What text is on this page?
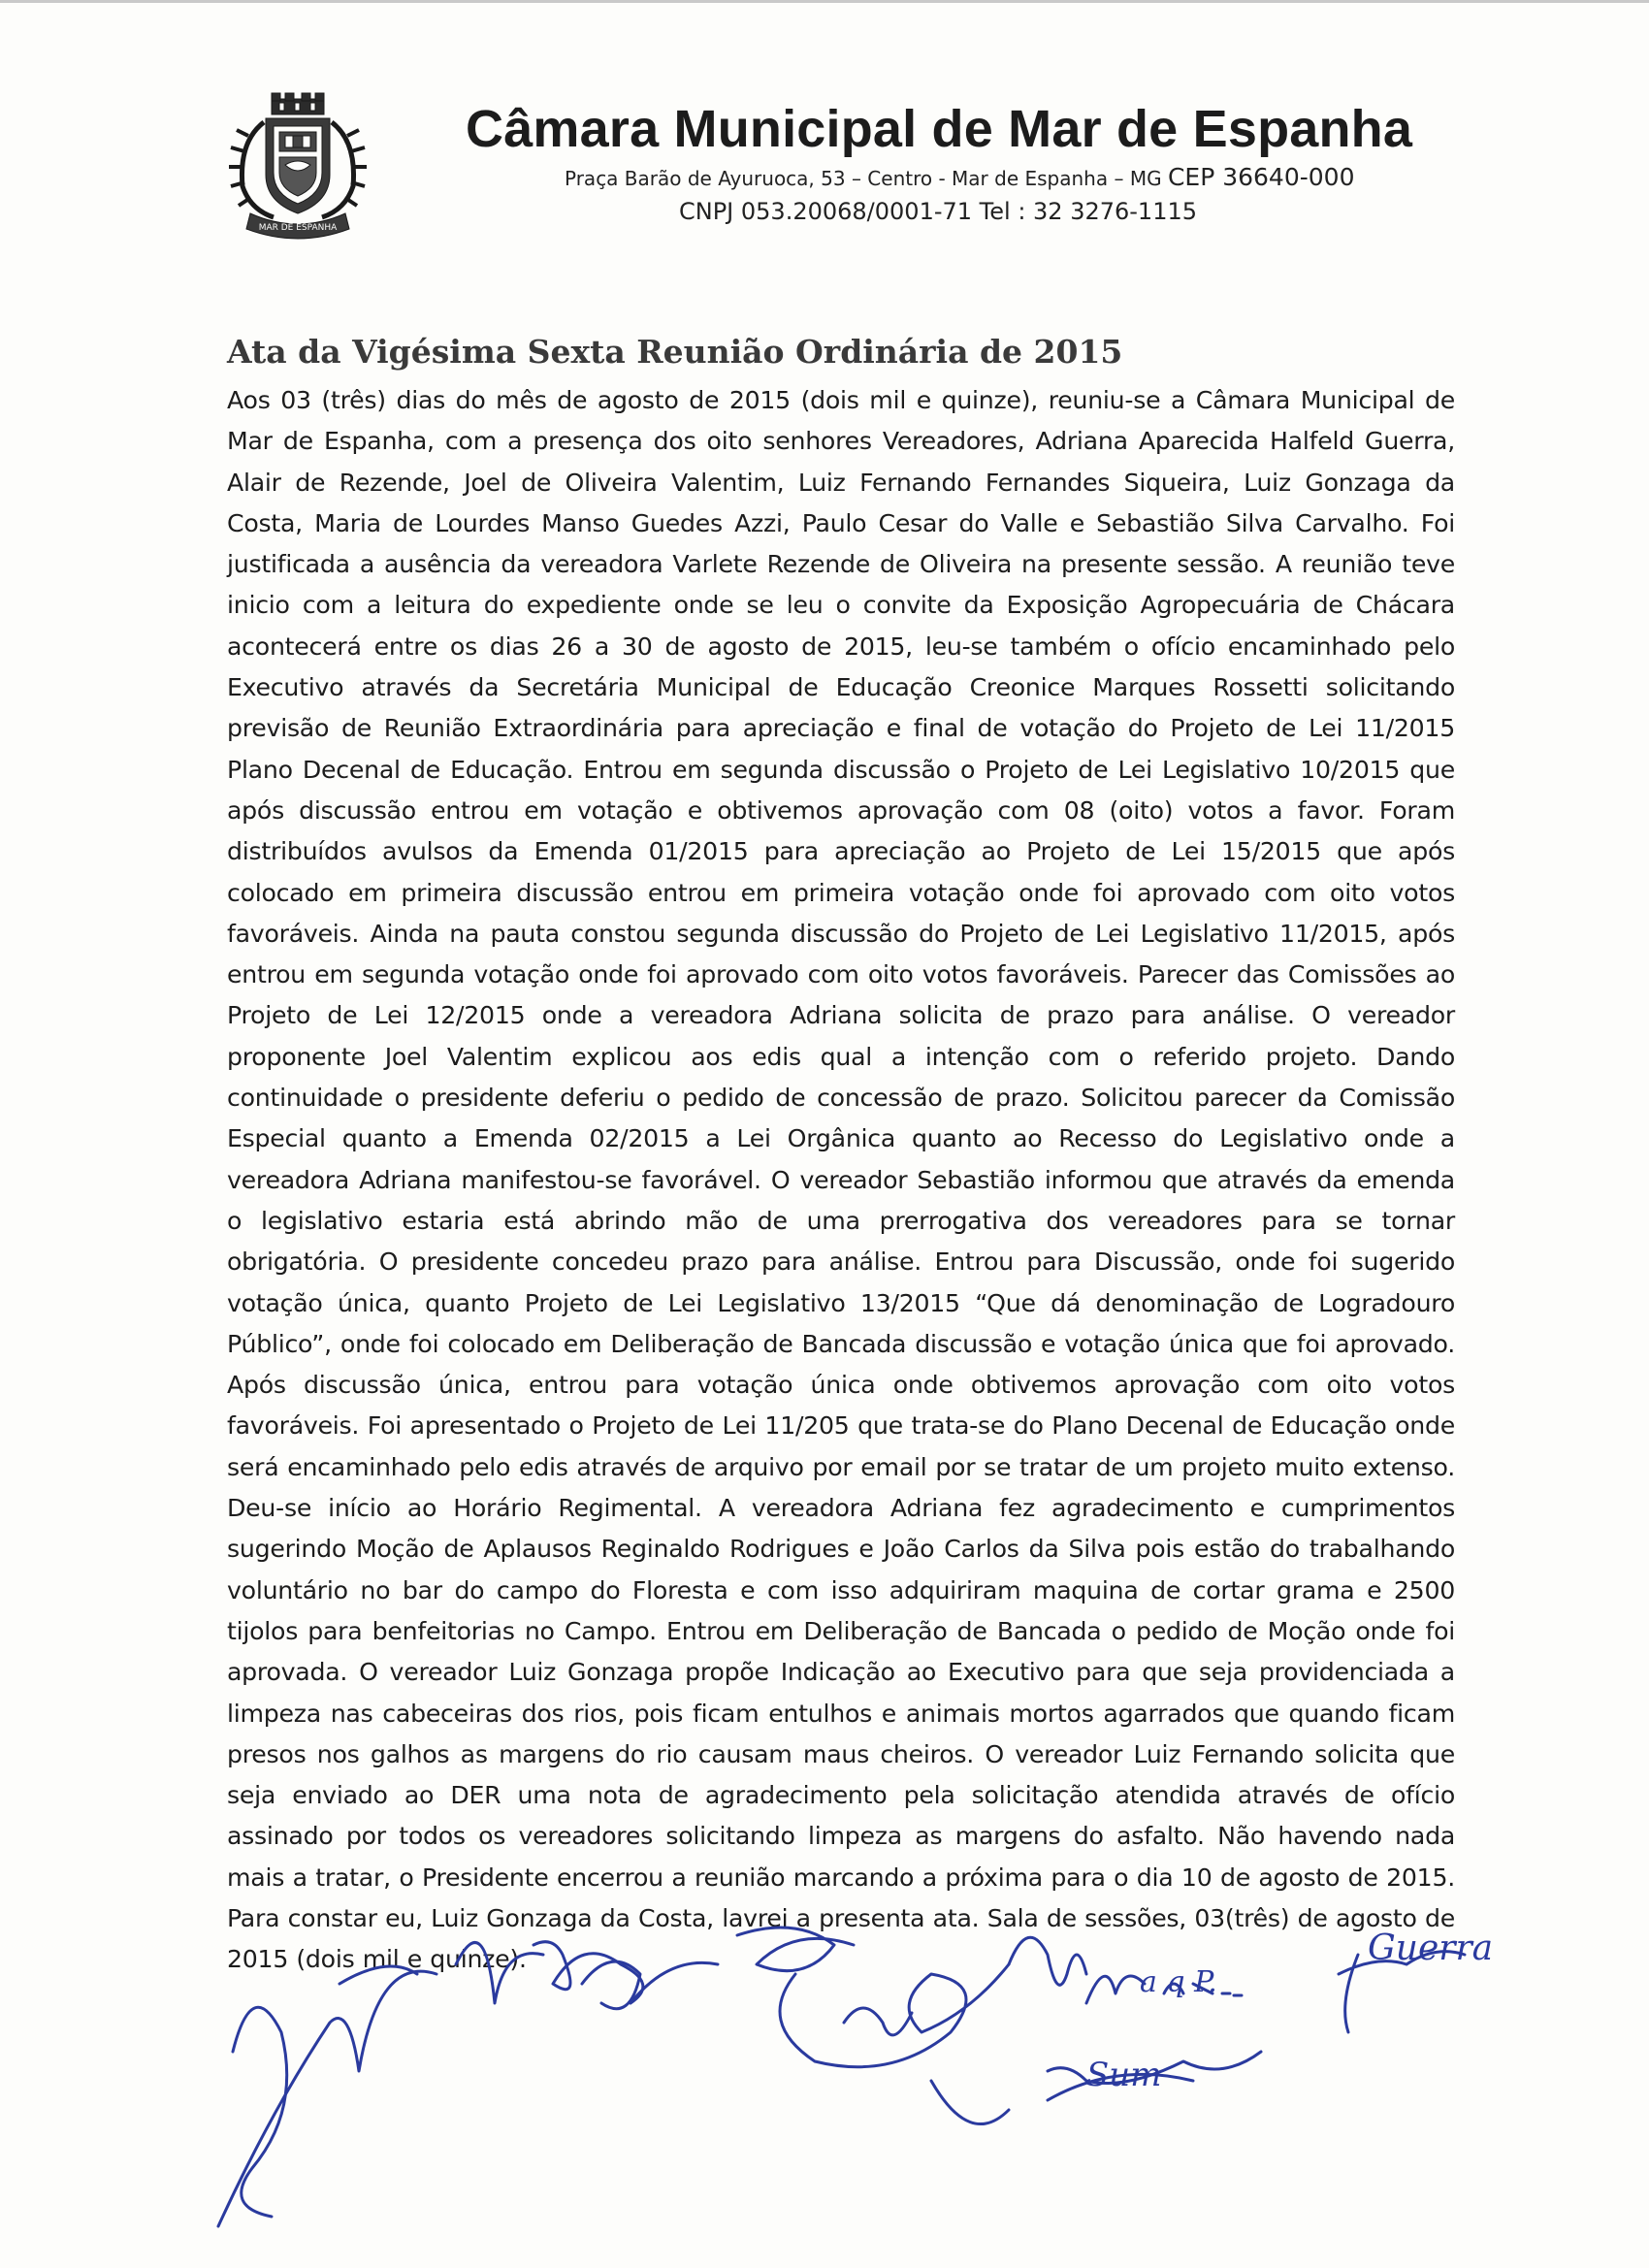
MAR DE ESPANHA
Câmara Municipal de Mar de Espanha
Praça Barão de Ayuruoca, 53 – Centro - Mar de Espanha – MG CEP 36640-000
CNPJ 053.20068/0001-71 Tel : 32 3276-1115
Ata da Vigésima Sexta Reunião Ordinária de 2015

Aos 03 (três) dias do mês de agosto de 2015 (dois mil e quinze), reuniu-se a Câmara Municipal de Mar de Espanha, com a presença dos oito senhores Vereadores, Adriana Aparecida Halfeld Guerra, Alair de Rezende, Joel de Oliveira Valentim, Luiz Fernando Fernandes Siqueira, Luiz Gonzaga da Costa, Maria de Lourdes Manso Guedes Azzi, Paulo Cesar do Valle e Sebastião Silva Carvalho. Foi justificada a ausência da vereadora Varlete Rezende de Oliveira na presente sessão. A reunião teve inicio com a leitura do expediente onde se leu o convite da Exposição Agropecuária de Chácara acontecerá entre os dias 26 a 30 de agosto de 2015, leu-se também o ofício encaminhado pelo Executivo através da Secretária Municipal de Educação Creonice Marques Rossetti solicitando previsão de Reunião Extraordinária para apreciação e final de votação do Projeto de Lei 11/2015 Plano Decenal de Educação. Entrou em segunda discussão o Projeto de Lei Legislativo 10/2015 que após discussão entrou em votação e obtivemos aprovação com 08 (oito) votos a favor. Foram distribuídos avulsos da Emenda 01/2015 para apreciação ao Projeto de Lei 15/2015 que após colocado em primeira discussão entrou em primeira votação onde foi aprovado com oito votos favoráveis. Ainda na pauta constou segunda discussão do Projeto de Lei Legislativo 11/2015, após entrou em segunda votação onde foi aprovado com oito votos favoráveis. Parecer das Comissões ao Projeto de Lei 12/2015 onde a vereadora Adriana solicita de prazo para análise. O vereador proponente Joel Valentim explicou aos edis qual a intenção com o referido projeto. Dando continuidade o presidente deferiu o pedido de concessão de prazo. Solicitou parecer da Comissão Especial quanto a Emenda 02/2015 a Lei Orgânica quanto ao Recesso do Legislativo onde a vereadora Adriana manifestou-se favorável. O vereador Sebastião informou que através da emenda o legislativo estaria está abrindo mão de uma prerrogativa dos vereadores para se tornar obrigatória. O presidente concedeu prazo para análise. Entrou para Discussão, onde foi sugerido votação única, quanto Projeto de Lei Legislativo 13/2015 “Que dá denominação de Logradouro Público”, onde foi colocado em Deliberação de Bancada discussão e votação única que foi aprovado. Após discussão única, entrou para votação única onde obtivemos aprovação com oito votos favoráveis. Foi apresentado o Projeto de Lei 11/205 que trata-se do Plano Decenal de Educação onde será encaminhado pelo edis através de arquivo por email por se tratar de um projeto muito extenso. Deu-se início ao Horário Regimental. A vereadora Adriana fez agradecimento e cumprimentos sugerindo Moção de Aplausos Reginaldo Rodrigues e João Carlos da Silva pois estão do trabalhando voluntário no bar do campo do Floresta e com isso adquiriram maquina de cortar grama e 2500 tijolos para benfeitorias no Campo. Entrou em Deliberação de Bancada o pedido de Moção onde foi aprovada. O vereador Luiz Gonzaga propõe Indicação ao Executivo para que seja providenciada a limpeza nas cabeceiras dos rios, pois ficam entulhos e animais mortos agarrados que quando ficam presos nos galhos as margens do rio causam maus cheiros. O vereador Luiz Fernando solicita que seja enviado ao DER uma nota de agradecimento pela solicitação atendida através de ofício assinado por todos os vereadores solicitando limpeza as margens do asfalto. Não havendo nada mais a tratar, o Presidente encerrou a reunião marcando a próxima para o dia 10 de agosto de 2015. Para constar eu, Luiz Gonzaga da Costa, lavrei a presenta ata. Sala de sessões, 03(três) de agosto de 2015 (dois mil e quinze).

a q P.
Guerra
Sum
